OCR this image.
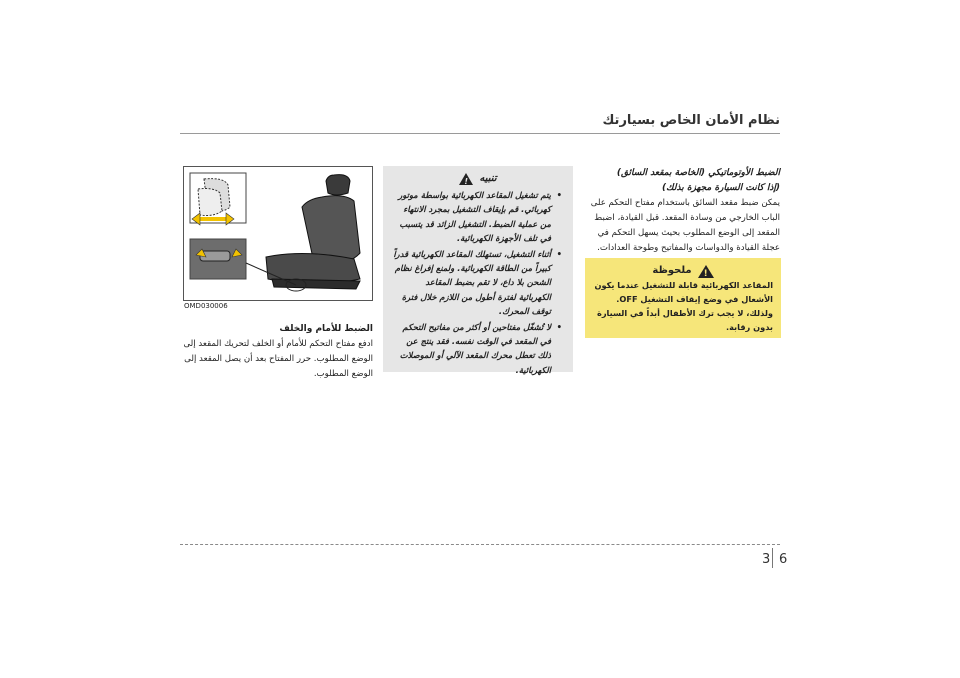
نظام الأمان الخاص بسيارتك
الضبط الأوتوماتيكي (الخاصة بمقعد السائق)
(إذا كانت السيارة مجهزة بذلك)
يمكن ضبط مقعد السائق باستخدام مفتاح التحكم على الباب الخارجي من وسادة المقعد. قبل القيادة، اضبط المقعد إلى الوضع المطلوب بحيث يسهل التحكم في عجلة القيادة والدواسات والمفاتيح وطوحة العدادات.
!
ملحوظة
المقاعد الكهربائية قابلة للتشغيل عندما يكون الأشعال في وضع إيقاف التشغيل OFF. ولذلك، لا يجب ترك الأطفال أبداً في السيارة بدون رقابة.
تنبيه
!
• يتم تشغيل المقاعد الكهربائية بواسطة موتور كهربائي. قم بإيقاف التشغيل بمجرد الانتهاء من عملية الضبط. التشغيل الزائد قد يتسبب في تلف الأجهزة الكهربائية.
• أثناء التشغيل، تستهلك المقاعد الكهربائية قدراً كبيراً من الطاقة الكهربائية. ولمنع إفراغ نظام الشحن بلا داع، لا تقم بضبط المقاعد الكهربائية لفترة أطول من اللازم خلال فترة توقف المحرك.
• لا تُشغّل مفتاحين أو أكثر من مفاتيح التحكم في المقعد في الوقت نفسه. فقد ينتج عن ذلك تعطل محرك المقعد الآلي أو الموصلات الكهربائية.
OMD030006
الضبط للأمام والخلف
ادفع مفتاح التحكم للأمام أو الخلف لتحريك المقعد إلى الوضع المطلوب. حرر المفتاح بعد أن يصل المقعد إلى الوضع المطلوب.
3 6
